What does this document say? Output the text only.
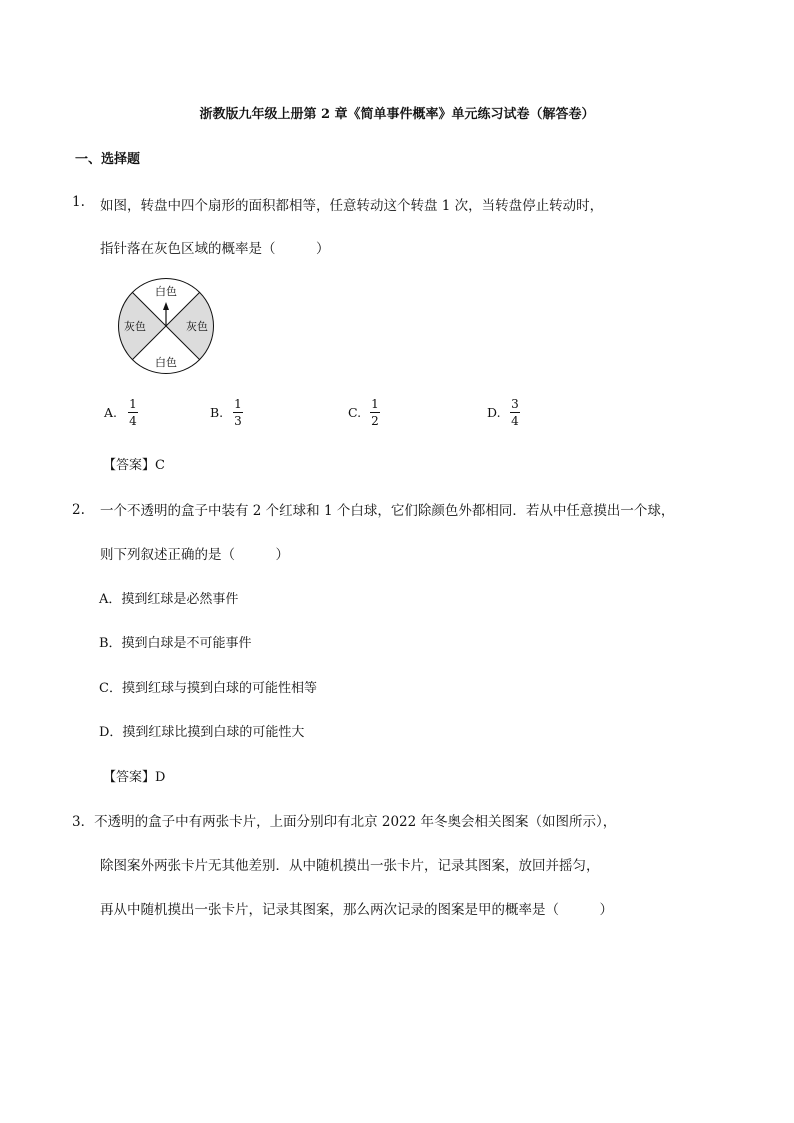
浙教版九年级上册第 2 章《简单事件概率》单元练习试卷（解答卷）
一、选择题
1. 如图，转盘中四个扇形的面积都相等，任意转动这个转盘 1 次，当转盘停止转动时，
指针落在灰色区域的概率是（　　　）
白色
白色
灰色	灰色
A.
1
4
B.
1
3
C.
1
2
D.
3
4
【答案】C
2. 一个不透明的盒子中装有 2 个红球和 1 个白球，它们除颜色外都相同．若从中任意摸出一个球，
则下列叙述正确的是（　　　）
A．摸到红球是必然事件
B．摸到白球是不可能事件
C．摸到红球与摸到白球的可能性相等
D．摸到红球比摸到白球的可能性大
【答案】D
3．不透明的盒子中有两张卡片，上面分别印有北京 2022 年冬奥会相关图案（如图所示），
除图案外两张卡片无其他差别．从中随机摸出一张卡片，记录其图案，放回并摇匀，
再从中随机摸出一张卡片，记录其图案，那么两次记录的图案是甲的概率是（　　　）
